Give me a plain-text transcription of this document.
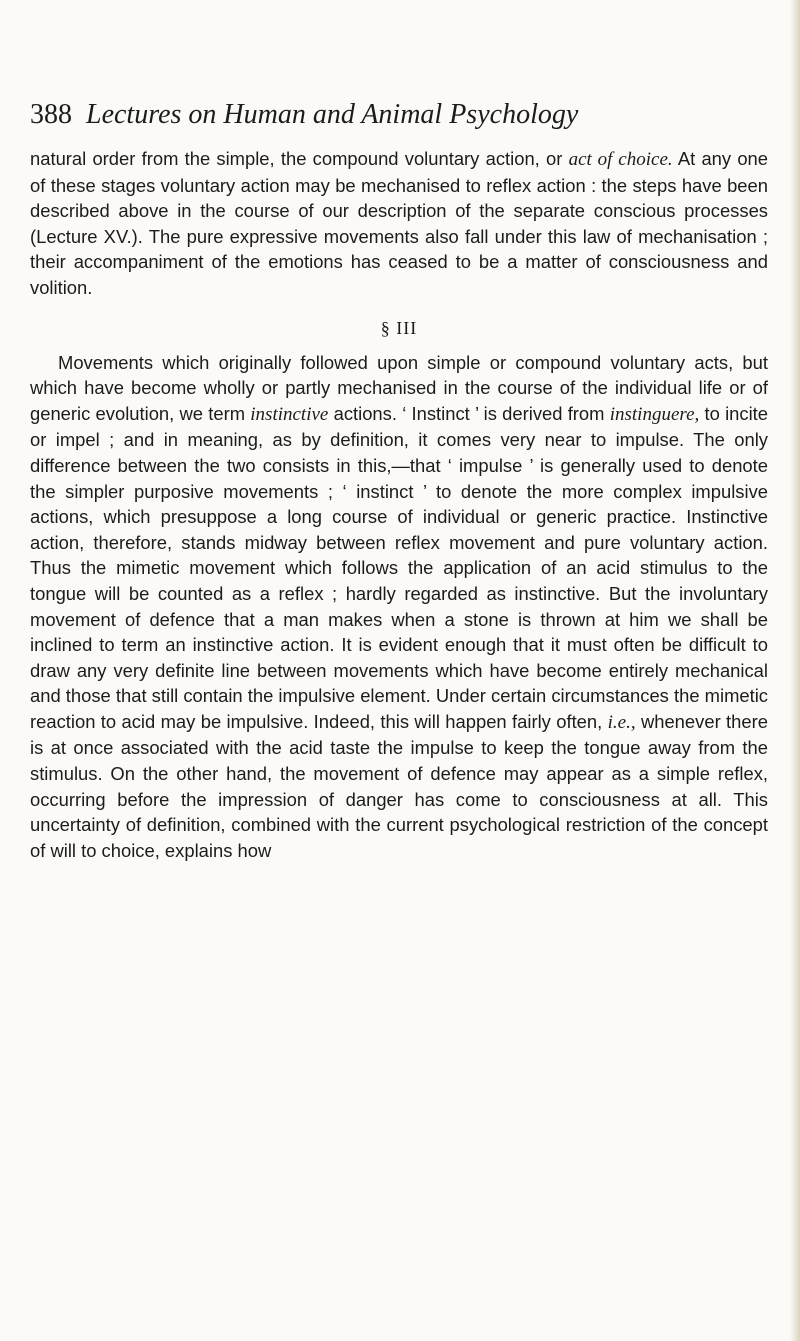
388 Lectures on Human and Animal Psychology

natural order from the simple, the compound voluntary action, or act of choice. At any one of these stages voluntary action may be mechanised to reflex action : the steps have been described above in the course of our description of the separate conscious processes (Lecture XV.). The pure expressive movements also fall under this law of mechanisation ; their accompaniment of the emotions has ceased to be a matter of consciousness and volition.

§ III

Movements which originally followed upon simple or compound voluntary acts, but which have become wholly or partly mechanised in the course of the individual life or of generic evolution, we term instinctive actions. ‘ Instinct ’ is derived from instinguere, to incite or impel ; and in meaning, as by definition, it comes very near to impulse. The only difference between the two consists in this,—that ‘ impulse ’ is generally used to denote the simpler purposive movements ; ‘ instinct ’ to denote the more complex impulsive actions, which presuppose a long course of individual or generic practice. Instinctive action, therefore, stands midway between reflex movement and pure voluntary action. Thus the mimetic movement which follows the application of an acid stimulus to the tongue will be counted as a reflex ; hardly regarded as instinctive. But the involuntary movement of defence that a man makes when a stone is thrown at him we shall be inclined to term an instinctive action. It is evident enough that it must often be difficult to draw any very definite line between movements which have become entirely mechanical and those that still contain the impulsive element. Under certain circumstances the mimetic reaction to acid may be impulsive. Indeed, this will happen fairly often, i.e., whenever there is at once associated with the acid taste the impulse to keep the tongue away from the stimulus. On the other hand, the movement of defence may appear as a simple reflex, occurring before the impression of danger has come to consciousness at all. This uncertainty of definition, combined with the current psychological restriction of the concept of will to choice, explains how
